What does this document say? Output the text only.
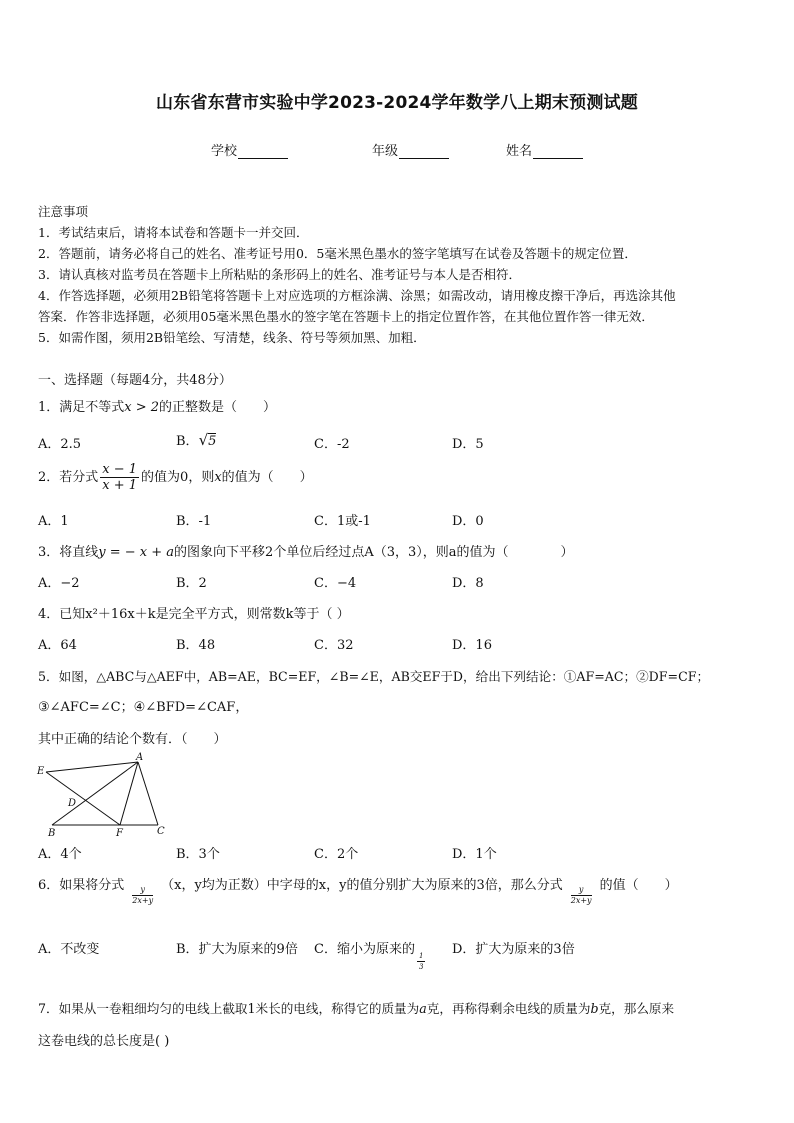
山东省东营市实验中学2023-2024学年数学八上期末预测试题
学校	年级	姓名
注意事项
1．考试结束后，请将本试卷和答题卡一并交回．
2．答题前，请务必将自己的姓名、准考证号用0．5毫米黑色墨水的签字笔填写在试卷及答题卡的规定位置．
3．请认真核对监考员在答题卡上所粘贴的条形码上的姓名、准考证号与本人是否相符．
4．作答选择题，必须用2B铅笔将答题卡上对应选项的方框涂满、涂黑；如需改动，请用橡皮擦干净后，再选涂其他
答案．作答非选择题，必须用05毫米黑色墨水的签字笔在答题卡上的指定位置作答，在其他位置作答一律无效．
5．如需作图，须用2B铅笔绘、写清楚，线条、符号等须加黑、加粗．
一、选择题（每题4分，共48分）
1．满足不等式x > 2的正整数是（　　）
A．2.5	B．√5	C．-2	D．5
2．若分式 $\frac{x - 1}{x + 1}$ 的值为0，则x的值为（　　）
A．1	B．-1	C．1或-1	D．0
3．将直线y = − x + a的图象向下平移2个单位后经过点A（3，3），则a的值为（　　　　）
A．−2	B．2	C．−4	D．8
4．已知x²＋16x＋k是完全平方式，则常数k等于（ ）
A．64	B．48	C．32	D．16
5．如图，△ABC与△AEF中，AB=AE，BC=EF，∠B=∠E，AB交EF于D，给出下列结论：①AF=AC；②DF=CF；
③∠AFC=∠C；④∠BFD=∠CAF，
其中正确的结论个数有．（　　）
A
E
D
B	F	C
A．4个	B．3个	C．2个	D．1个
6．如果将分式 $\frac{y}{2x+y} (x$，y均为正数）中字母的x，y的值分别扩大为原来的3倍，那么分式 $\frac{y}{2x+y}$ 的值（　　）
A．不改变	B．扩大为原来的9倍 C．缩小为原来的
$\frac{1}{3}$
D．扩大为原来的3倍
7．如果从一卷粗细均匀的电线上截取1米长的电线，称得它的质量为a克，再称得剩余电线的质量为b克，那么原来
这卷电线的总长度是( )
